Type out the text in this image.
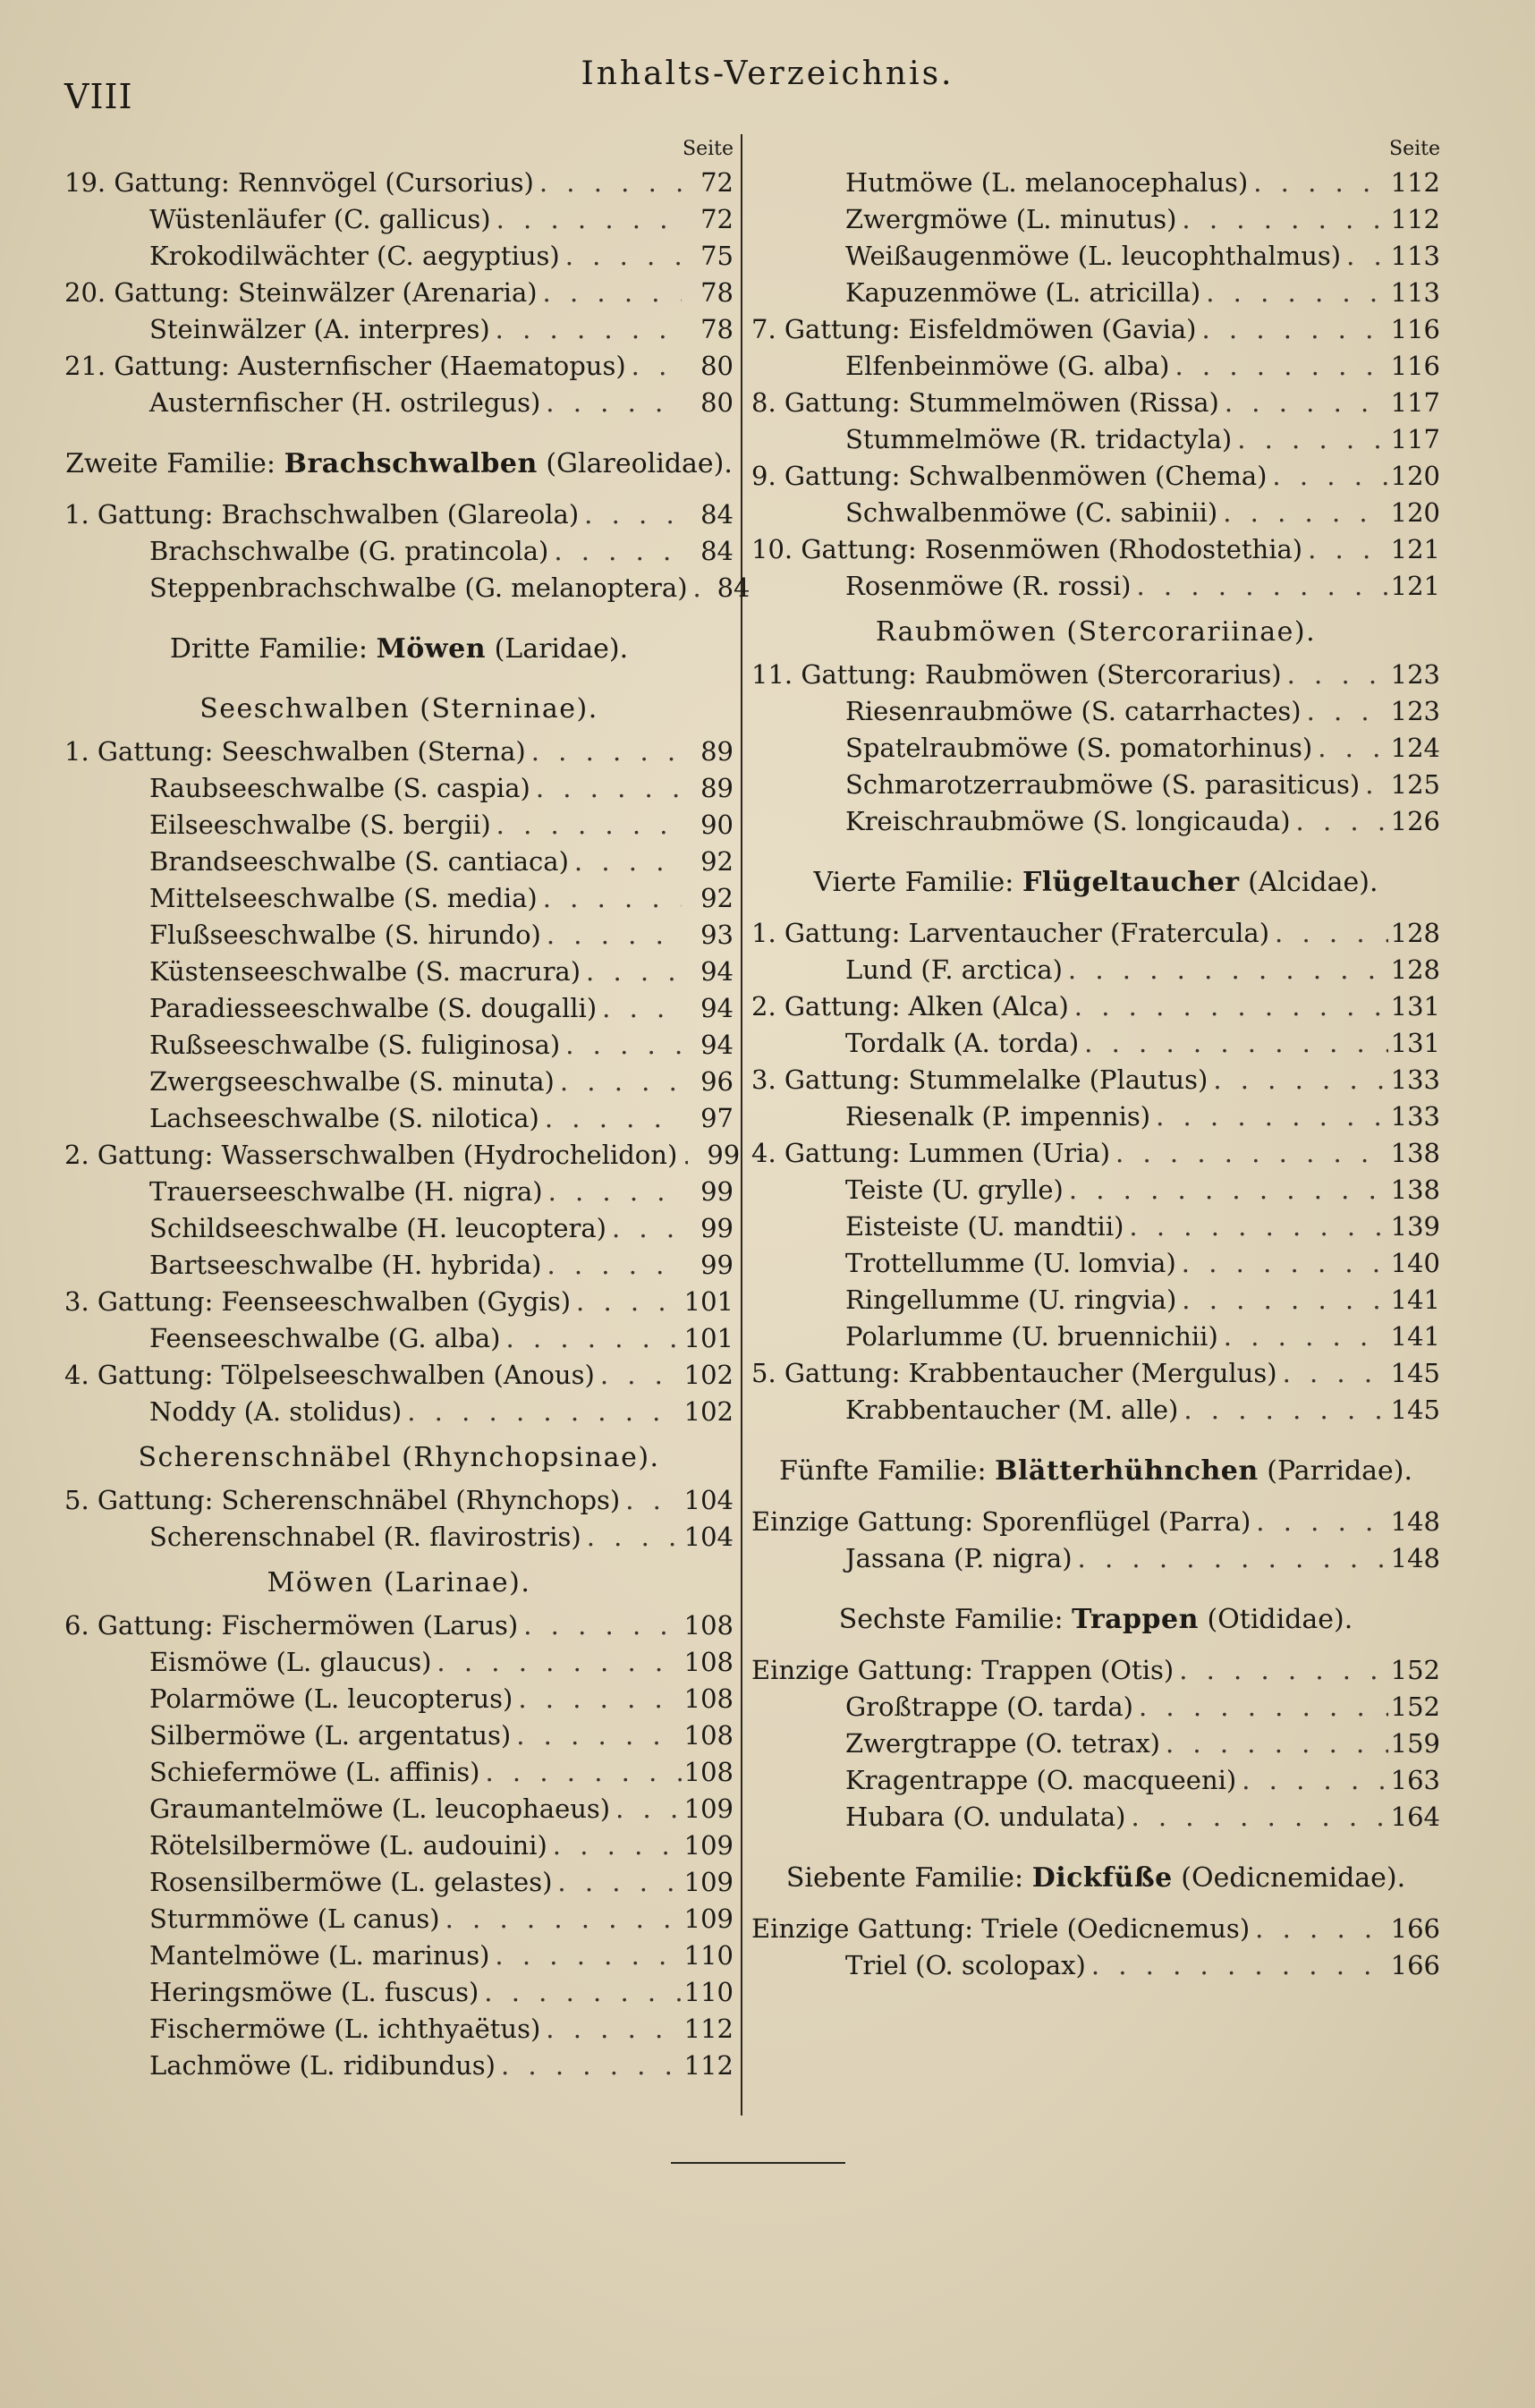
VIII
Inhalts-Verzeichnis.
Seite
19. Gattung: Rennvögel (Cursorius) . . .	72
Wüstenläufer (C. gallicus) . . .	72
Krokodilwächter (C. aegyptius) . . .	75
20. Gattung: Steinwälzer (Arenaria) . . .	78
Steinwälzer (A. interpres) . . .	78
21. Gattung: Austernfischer (Haematopus) . . .	80
Austernfischer (H. ostrilegus) . . .	80
Zweite Familie: Brachschwalben (Glareolidae).
1. Gattung: Brachschwalben (Glareola) . . .	84
Brachschwalbe (G. pratincola) . . .	84
Steppenbrachschwalbe (G. melanoptera) . . .	84
Dritte Familie: Möwen (Laridae).
Seeschwalben (Sterninae).
1. Gattung: Seeschwalben (Sterna) . . .	89
Raubseeschwalbe (S. caspia) . . .	89
Eilseeschwalbe (S. bergii) . . .	90
Brandseeschwalbe (S. cantiaca) . . .	92
Mittelseeschwalbe (S. media) . . .	92
Flußseeschwalbe (S. hirundo) . . .	93
Küstenseeschwalbe (S. macrura) . . .	94
Paradiesseeschwalbe (S. dougalli) . . .	94
Rußseeschwalbe (S. fuliginosa) . . .	94
Zwergseeschwalbe (S. minuta) . . .	96
Lachseeschwalbe (S. nilotica) . . .	97
2. Gattung: Wasserschwalben (Hydrochelidon) . . .	99
Trauerseeschwalbe (H. nigra) . . .	99
Schildseeschwalbe (H. leucoptera) . . .	99
Bartseeschwalbe (H. hybrida) . . .	99
3. Gattung: Feenseeschwalben (Gygis) . . .	101
Feenseeschwalbe (G. alba) . . .	101
4. Gattung: Tölpelseeschwalben (Anous) . . .	102
Noddy (A. stolidus) . . .	102
Scherenschnäbel (Rhynchopsinae).
5. Gattung: Scherenschnäbel (Rhynchops) . . . 104
Scherenschnabel (R. flavirostris) . . .	104
Möwen (Larinae).
6. Gattung: Fischermöwen (Larus) . . .	108
Eismöwe (L. glaucus) . . .	108
Polarmöwe (L. leucopterus) . . .	108
Silbermöwe (L. argentatus) . . .	108
Schiefermöwe (L. affinis) . . .	108
Graumantelmöwe (L. leucophaeus) . . .	109
Rötelsilbermöwe (L. audouini) . . .	109
Rosensilbermöwe (L. gelastes) . . .	109
Sturmmöwe (L canus) . . .	109
Mantelmöwe (L. marinus) . . .	110
Heringsmöwe (L. fuscus) . . .	110
Fischermöwe (L. ichthyaëtus) . . .	112
Lachmöwe (L. ridibundus) . . .	112
Seite
Hutmöwe (L. melanocephalus) . . .	112
Zwergmöwe (L. minutus) . . .	112
Weißaugenmöwe (L. leucophthalmus) . . . 113
Kapuzenmöwe (L. atricilla) . . .	113
7. Gattung: Eisfeldmöwen (Gavia) . . .	116
Elfenbeinmöwe (G. alba) . . .	116
8. Gattung: Stummelmöwen (Rissa) . . .	117
Stummelmöwe (R. tridactyla) . . .	117
9. Gattung: Schwalbenmöwen (Chema) . . .	120
Schwalbenmöwe (C. sabinii) . . .	120
10. Gattung: Rosenmöwen (Rhodostethia) . . .	121
Rosenmöwe (R. rossi) . . .	121
Raubmöwen (Stercorariinae).
11. Gattung: Raubmöwen (Stercorarius) . . .	123
Riesenraubmöwe (S. catarrhactes) . . .	123
Spatelraubmöwe (S. pomatorhinus) . . .	124
Schmarotzerraubmöwe (S. parasiticus) . . . 125
Kreischraubmöwe (S. longicauda) . . .	126
Vierte Familie: Flügeltaucher (Alcidae).
1. Gattung: Larventaucher (Fratercula) . . .	128
Lund (F. arctica) . . .	128
2. Gattung: Alken (Alca) . . .	131
Tordalk (A. torda) . . .	131
3. Gattung: Stummelalke (Plautus) . . .	133
Riesenalk (P. impennis) . . .	133
4. Gattung: Lummen (Uria) . . .	138
Teiste (U. grylle) . . .	138
Eisteiste (U. mandtii) . . .	139
Trottellumme (U. lomvia) . . .	140
Ringellumme (U. ringvia) . . .	141
Polarlumme (U. bruennichii) . . .	141
5. Gattung: Krabbentaucher (Mergulus) . . .	145
Krabbentaucher (M. alle) . . .	145
Fünfte Familie: Blätterhühnchen (Parridae).
Einzige Gattung: Sporenflügel (Parra) . . .	148
Jassana (P. nigra) . . .	148
Sechste Familie: Trappen (Otididae).
Einzige Gattung: Trappen (Otis) . . .	152
Großtrappe (O. tarda) . . .	152
Zwergtrappe (O. tetrax) . . .	159
Kragentrappe (O. macqueeni) . . .	163
Hubara (O. undulata) . . .	164
Siebente Familie: Dickfüße (Oedicnemidae).
Einzige Gattung: Triele (Oedicnemus) . . .	166
Triel (O. scolopax) . . .	166
